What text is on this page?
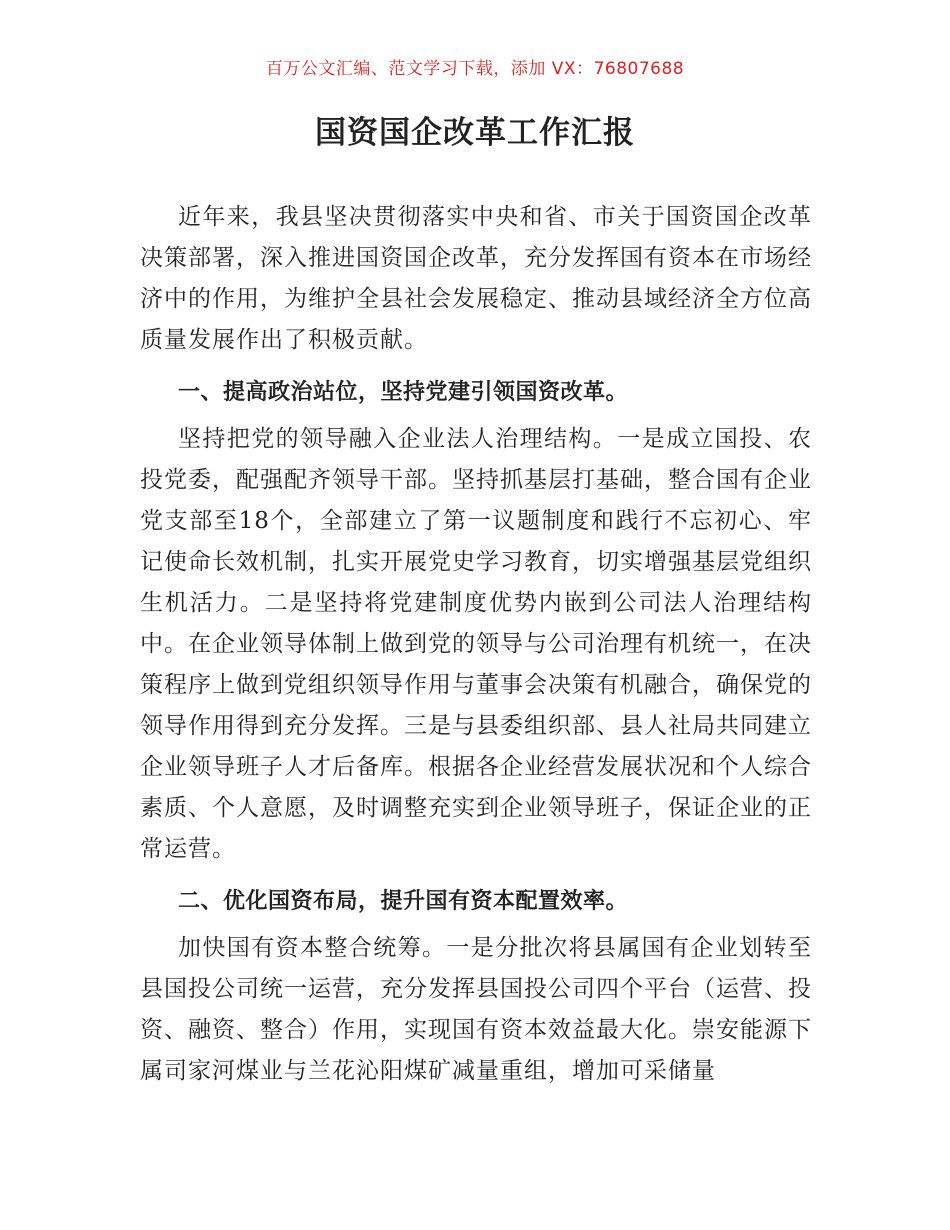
百万公文汇编、范文学习下载，添加 VX：76807688
国资国企改革工作汇报

近年来，我县坚决贯彻落实中央和省、市关于国资国企改革决策部署，深入推进国资国企改革，充分发挥国有资本在市场经济中的作用，为维护全县社会发展稳定、推动县域经济全方位高质量发展作出了积极贡献。

一、提高政治站位，坚持党建引领国资改革。

坚持把党的领导融入企业法人治理结构。一是成立国投、农投党委，配强配齐领导干部。坚持抓基层打基础，整合国有企业党支部至18个，全部建立了第一议题制度和践行不忘初心、牢记使命长效机制，扎实开展党史学习教育，切实增强基层党组织生机活力。二是坚持将党建制度优势内嵌到公司法人治理结构中。在企业领导体制上做到党的领导与公司治理有机统一，在决策程序上做到党组织领导作用与董事会决策有机融合，确保党的领导作用得到充分发挥。三是与县委组织部、县人社局共同建立企业领导班子人才后备库。根据各企业经营发展状况和个人综合素质、个人意愿，及时调整充实到企业领导班子，保证企业的正常运营。

二、优化国资布局，提升国有资本配置效率。

加快国有资本整合统筹。一是分批次将县属国有企业划转至县国投公司统一运营，充分发挥县国投公司四个平台（运营、投资、融资、整合）作用，实现国有资本效益最大化。崇安能源下属司家河煤业与兰花沁阳煤矿减量重组，增加可采储量
